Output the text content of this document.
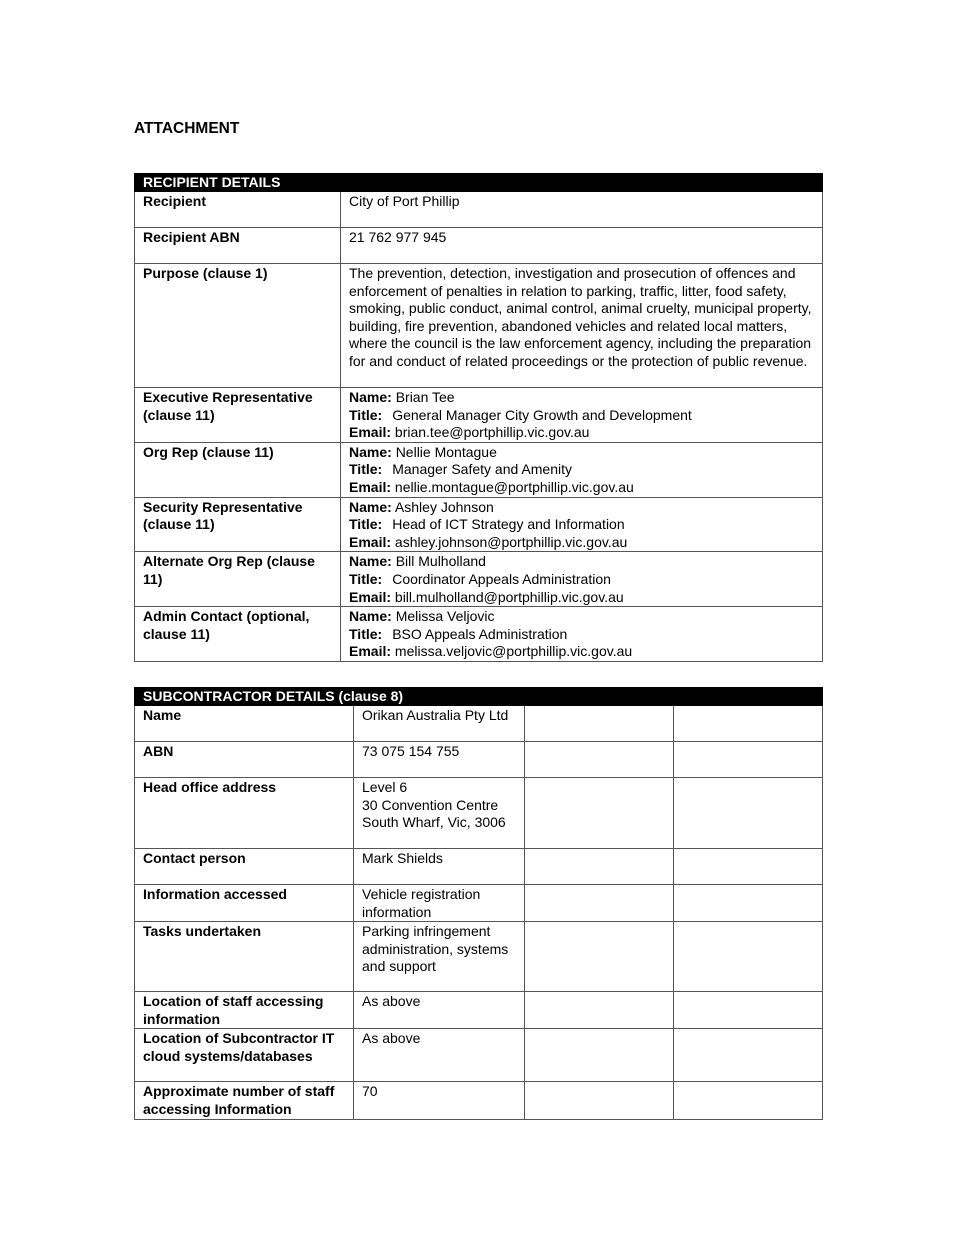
ATTACHMENT
RECIPIENT DETAILS	
Recipient	City of Port Phillip
Recipient ABN	21 762 977 945
Purpose (clause 1)	The prevention, detection, investigation and prosecution of offences and enforcement of penalties in relation to parking, traffic, litter, food safety, smoking, public conduct, animal control, animal cruelty, municipal property, building, fire prevention, abandoned vehicles and related local matters, where the council is the law enforcement agency, including the preparation for and conduct of related proceedings or the protection of public revenue.
Executive Representative (clause 11)	Name: Brian Tee
Title: General Manager City Growth and Development
Email: brian.tee@portphillip.vic.gov.au

Org Rep (clause 11)	Name: Nellie Montague
Title: Manager Safety and Amenity
Email: nellie.montague@portphillip.vic.gov.au

Security Representative (clause 11)	Name: Ashley Johnson
Title: Head of ICT Strategy and Information
Email: ashley.johnson@portphillip.vic.gov.au

Alternate Org Rep (clause 11)	Name: Bill Mulholland
Title: Coordinator Appeals Administration
Email: bill.mulholland@portphillip.vic.gov.au

Admin Contact (optional, clause 11)	Name: Melissa Veljovic
Title: BSO Appeals Administration
Email: melissa.veljovic@portphillip.vic.gov.au
SUBCONTRACTOR DETAILS (clause 8)			
Name	Orikan Australia Pty Ltd		
ABN	73 075 154 755		
Head office address	Level 6
30 Convention Centre South Wharf, Vic, 3006		

Contact person	Mark Shields		
Information accessed	Vehicle registration information		
Tasks undertaken	Parking infringement administration, systems and support		
Location of staff accessing information	As above		
Location of Subcontractor IT cloud systems/databases	As above		
Approximate number of staff accessing Information	70		
